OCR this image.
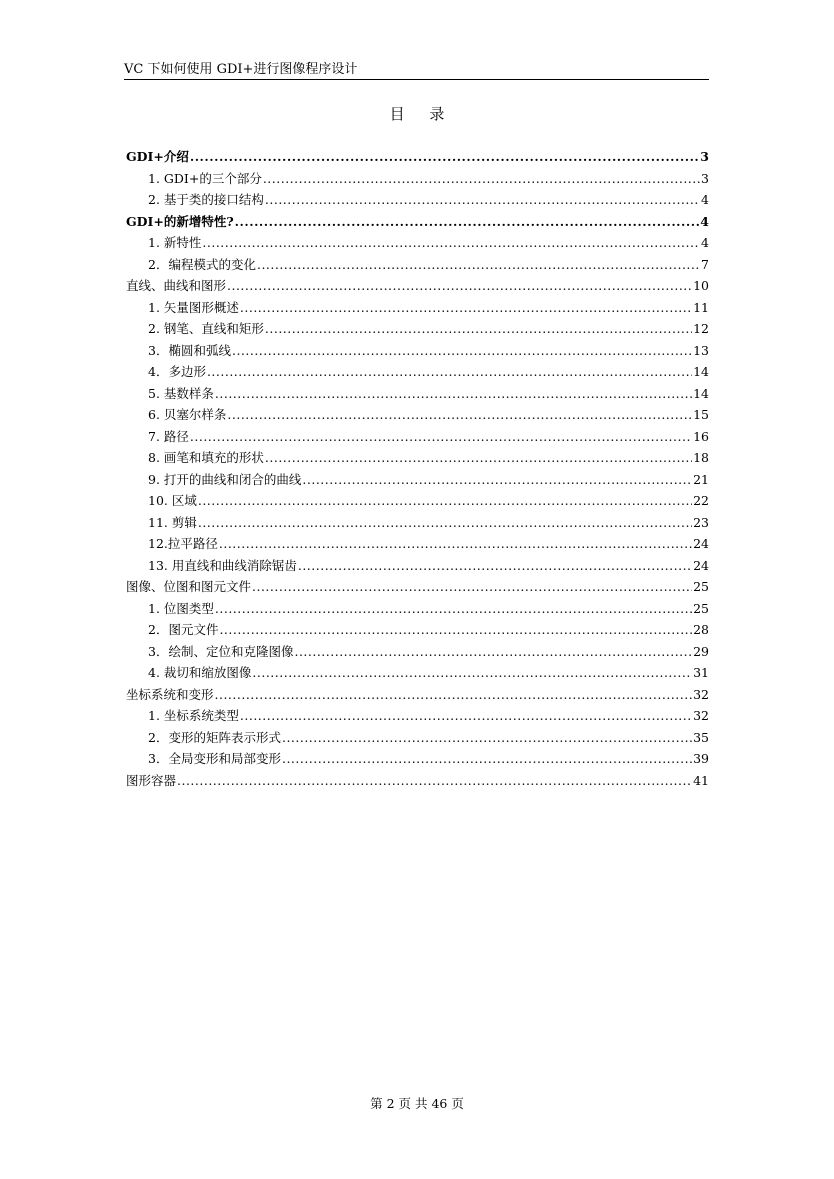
VC 下如何使用 GDI+进行图像程序设计
目 录
GDI+介绍 .....	3
1. GDI+的三个部分 .....	3
2. 基于类的接口结构 .....	4
GDI+的新增特性? .....	4
1. 新特性 .....	4
2．编程模式的变化 .....	7
直线、曲线和图形 .....	10
1. 矢量图形概述 .....	11
2. 钢笔、直线和矩形 .....	12
3．椭圆和弧线 .....	13
4．多边形 .....	14
5. 基数样条 .....	14
6. 贝塞尔样条 .....	15
7. 路径 .....	16
8. 画笔和填充的形状 .....	18
9. 打开的曲线和闭合的曲线 .....	21
10. 区域 .....	22
11. 剪辑 .....	23
12.拉平路径 .....	24
13. 用直线和曲线消除锯齿 .....	24
图像、位图和图元文件 .....	25
1. 位图类型 .....	25
2．图元文件 .....	28
3．绘制、定位和克隆图像 .....	29
4. 裁切和缩放图像 .....	31
坐标系统和变形 .....	32
1. 坐标系统类型 .....	32
2．变形的矩阵表示形式 .....	35
3．全局变形和局部变形 .....	39
图形容器 .....	41
第 2 页 共 46 页
